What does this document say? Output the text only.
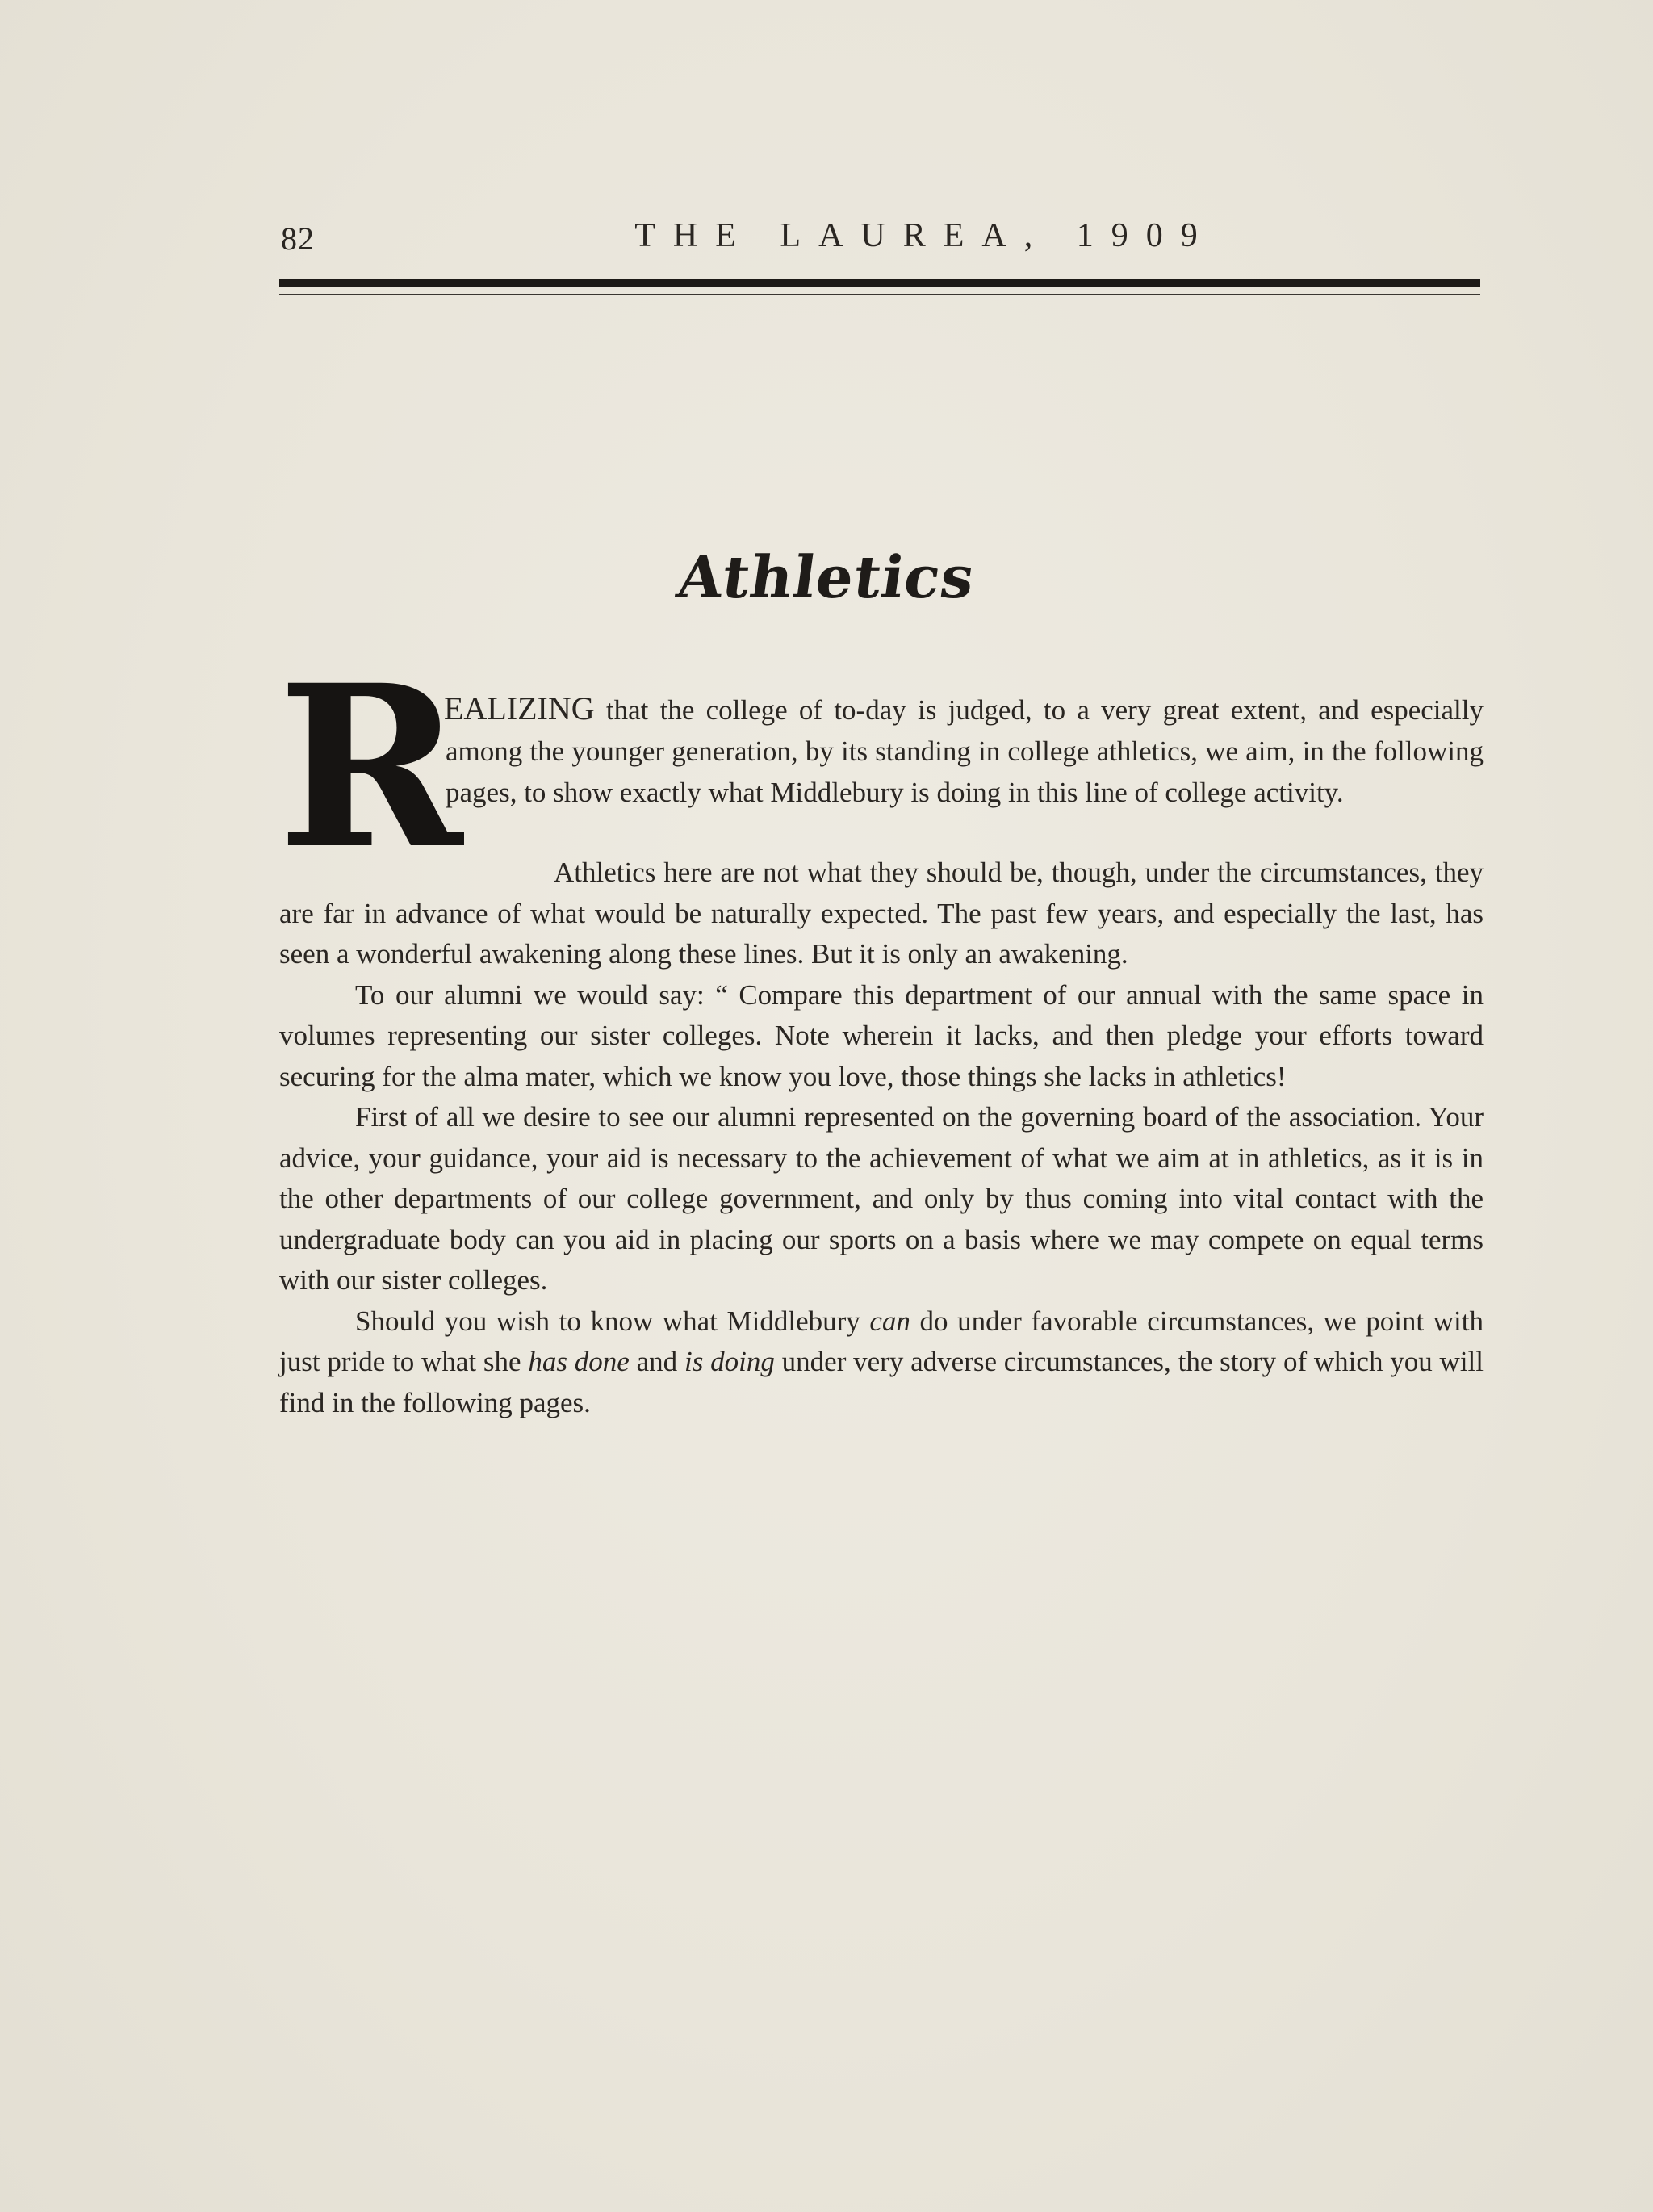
82	THE LAUREA, 1909
Athletics
R
EALIZING that the college of to-day is judged, to a very great extent, and especially among the younger generation, by its standing in college athletics, we aim, in the following pages, to show exactly what Middlebury is doing in this line of college activity.

Athletics here are not what they should be, though, under the circumstances, they are far in advance of what would be naturally expected. The past few years, and especially the last, has seen a wonderful awakening along these lines. But it is only an awakening.

To our alumni we would say: “ Compare this department of our annual with the same space in volumes representing our sister colleges. Note wherein it lacks, and then pledge your efforts toward securing for the alma mater, which we know you love, those things she lacks in athletics!

First of all we desire to see our alumni represented on the governing board of the association. Your advice, your guidance, your aid is necessary to the achievement of what we aim at in athletics, as it is in the other departments of our college government, and only by thus coming into vital contact with the undergraduate body can you aid in placing our sports on a basis where we may compete on equal terms with our sister colleges.

Should you wish to know what Middlebury can do under favorable circumstances, we point with just pride to what she has done and is doing under very adverse circumstances, the story of which you will find in the following pages.
